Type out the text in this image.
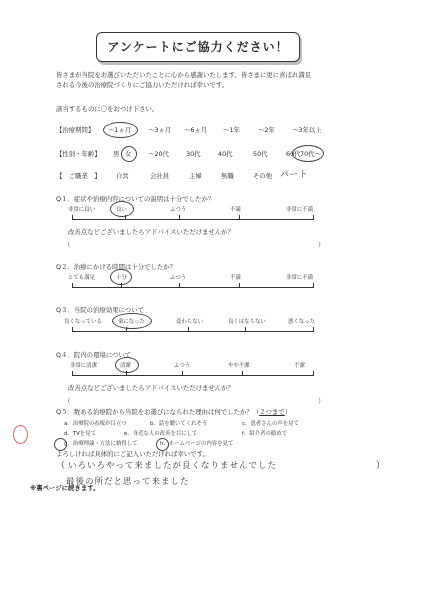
アンケートにご協力ください！
皆さまが当院をお選びいただいたことに心から感謝いたします。皆さまに更に喜ばれ満足
される今後の治療院づくりにご協力いただければ幸いです。
該当するものに〇をおつけ下さい。
【治療期間】 〜1ヵ月	〜3ヵ月 〜6ヵ月 〜1年	〜2年	〜3年以上
【性別・年齢】 男 女	〜20代	30代	40代	50代	60代 70代〜
【　ご職業　】 自営	会社員	主婦	無職	その他 パート
Q１．症状や治療内容についての説明は十分でしたか？
非常に良い	良い	ふつう	不満	非常に不満
改善点などございましたらアドバイスいただけませんか？
（	）
Q２．治療にかける時間は十分でしたか？
とても満足	十分	ふつう	不満	非常に不満
Q３．当院の治療効果について
良くなっている	楽になった	変わらない	良くはならない	悪くなった
Q４．院内の環境について
非常に清潔	清潔	ふつう	やや不潔	不潔
改善点などございましたらアドバイスいただけませんか？
（	）
Q５．数ある治療院から当院をお選びになられた理由は何でしたか？（２つまで）
a．治療院の看板が目立つ	b．話を聴いてくれそう	c．患者さんの声を見て
d．TVを見て	e．身近な人の改善を目にして	f．紹介者の勧めで
g．治療理論・方法に納得して	h．ホームページの内容を見て
よろしければ具体的にご記入いただければ幸いです。
（	）
いろいろやって来ましたが良くなりませんでした
最後の所だと思って来ました
※裏ページに続きます。
